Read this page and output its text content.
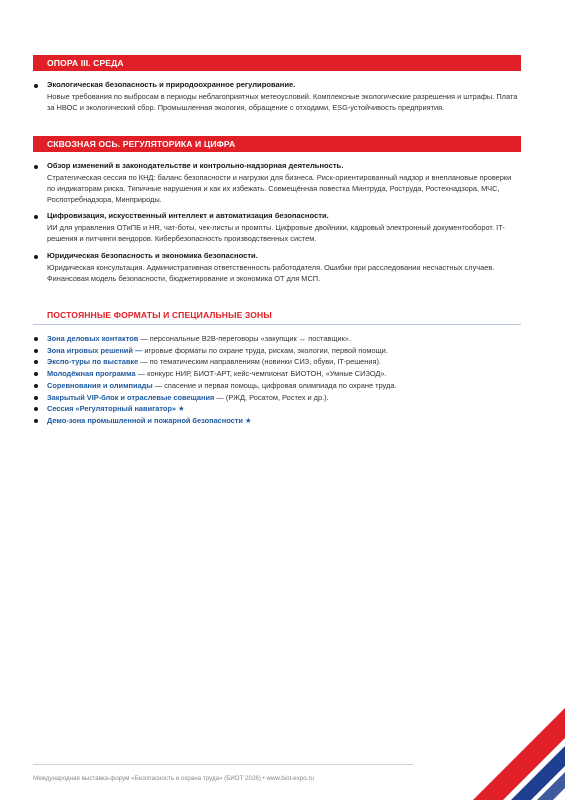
ОПОРА III. СРЕДА
Экологическая безопасность и природоохранное регулирование.
Новые требования по выбросам в периоды неблагоприятных метеоусловий. Комплексные экологические разрешения и штрафы. Плата за НВОС и экологический сбор. Промышленная экология, обращение с отходами, ESG-устойчивость предприятия.
СКВОЗНАЯ ОСЬ. РЕГУЛЯТОРИКА И ЦИФРА
Обзор изменений в законодательстве и контрольно-надзорная деятельность.
Стратегическая сессия по КНД: баланс безопасности и нагрузки для бизнеса. Риск-ориентированный надзор и внеплановые проверки по индикаторам риска. Типичные нарушения и как их избежать. Совмещённая повестка Минтруда, Роструда, Ростехнадзора, МЧС, Роспотребнадзора, Минприроды.
Цифровизация, искусственный интеллект и автоматизация безопасности.
ИИ для управления ОТиПБ и HR, чат-боты, чек-листы и промпты. Цифровые двойники, кадровый электронный документооборот. IT-решения и питчинги вендоров. Кибербезопасность производственных систем.
Юридическая безопасность и экономика безопасности.
Юридическая консультация. Административная ответственность работодателя. Ошибки при расследовании несчастных случаев. Финансовая модель безопасности, бюджетирование и экономика ОТ для МСП.
ПОСТОЯННЫЕ ФОРМАТЫ И СПЕЦИАЛЬНЫЕ ЗОНЫ
Зона деловых контактов — персональные B2B-переговоры «закупщик ↔ поставщик».
Зона игровых решений — игровые форматы по охране труда, рискам, экологии, первой помощи.
Экспо-туры по выставке — по тематическим направлениям (новинки СИЗ, обуви, IT-решения).
Молодёжная программа — конкурс НИР, БИОТ-АРТ, кейс-чемпионат БИОТОН, «Умные СИЗОД».
Соревнования и олимпиады — спасение и первая помощь, цифровая олимпиада по охране труда.
Закрытый VIP-блок и отраслевые совещания — (РЖД, Росатом, Ростех и др.).
Сессия «Регуляторный навигатор» ★
Демо-зона промышленной и пожарной безопасности ★
Международная выставка-форум «Безопасность и охрана труда» (БИОТ 2026) • www.biot-expo.ru
